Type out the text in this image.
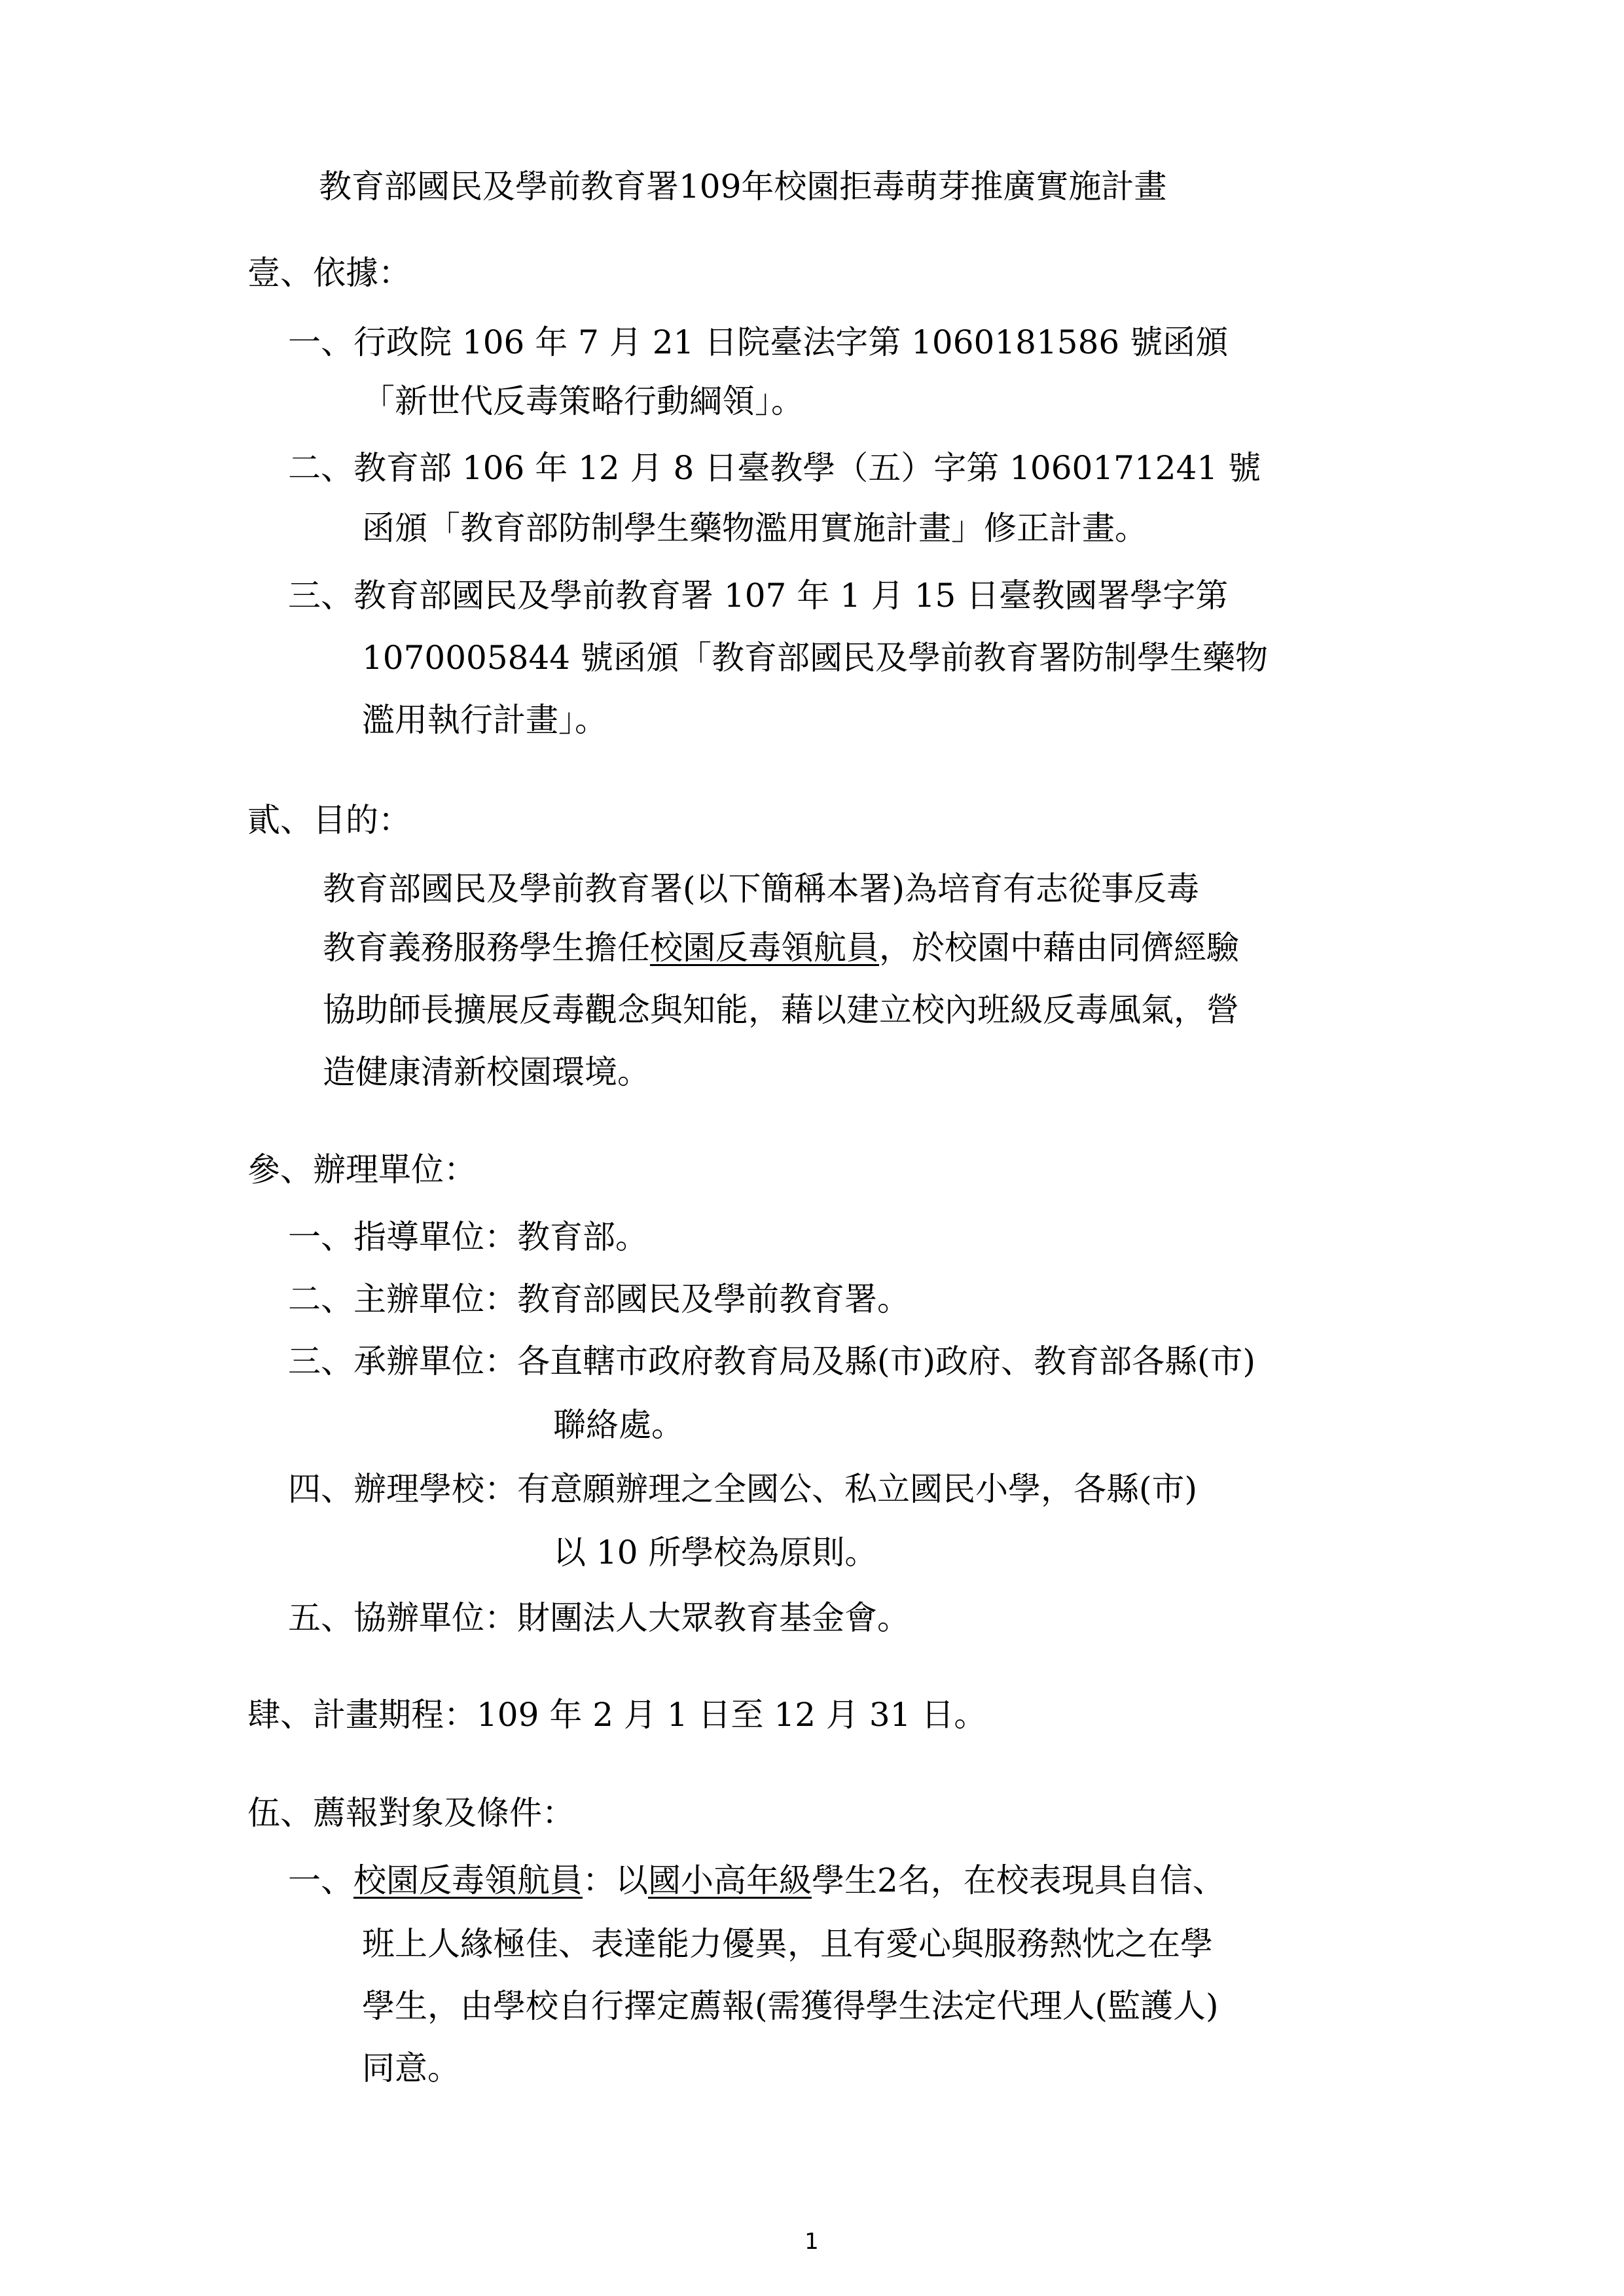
教育部國民及學前教育署109年校園拒毒萌芽推廣實施計畫
壹、依據：
一、行政院 106 年 7 月 21 日院臺法字第 1060181586 號函頒
「新世代反毒策略行動綱領」。
二、教育部 106 年 12 月 8 日臺教學（五）字第 1060171241 號
函頒「教育部防制學生藥物濫用實施計畫」修正計畫。
三、教育部國民及學前教育署 107 年 1 月 15 日臺教國署學字第
1070005844 號函頒「教育部國民及學前教育署防制學生藥物
濫用執行計畫」。
貳、目的：
教育部國民及學前教育署(以下簡稱本署)為培育有志從事反毒
教育義務服務學生擔任校園反毒領航員，於校園中藉由同儕經驗
協助師長擴展反毒觀念與知能，藉以建立校內班級反毒風氣，營
造健康清新校園環境。
參、辦理單位：
一、指導單位：教育部。
二、主辦單位：教育部國民及學前教育署。
三、承辦單位：各直轄市政府教育局及縣(市)政府、教育部各縣(市)
聯絡處。
四、辦理學校：有意願辦理之全國公、私立國民小學，各縣(市)
以 10 所學校為原則。
五、協辦單位：財團法人大眾教育基金會。
肆、計畫期程：109 年 2 月 1 日至 12 月 31 日。
伍、薦報對象及條件：
一、校園反毒領航員：以國小高年級學生2名，在校表現具自信、
班上人緣極佳、表達能力優異，且有愛心與服務熱忱之在學
學生，由學校自行擇定薦報(需獲得學生法定代理人(監護人)
同意。
1
